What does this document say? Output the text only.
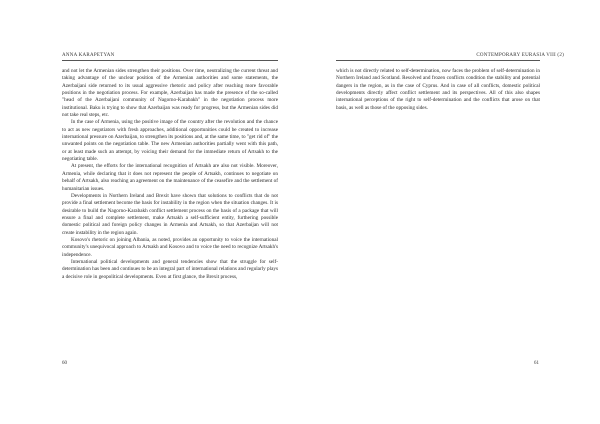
ANNA KARAPETYAN

and not let the Armenian sides strengthen their positions. Over time, neutralizing the current threat and taking advantage of the unclear position of the Armenian authorities and some statements, the Azerbaijani side returned to its usual aggressive rhetoric and policy after reaching more favorable positions in the negotiation process. For example, Azerbaijan has made the presence of the so-called "head of the Azerbaijani community of Nagorno-Karabakh" in the negotiation process more institutional. Baku is trying to show that Azerbaijan was ready for progress, but the Armenian sides did not take real steps, etc.

In the case of Armenia, using the positive image of the country after the revolution and the chance to act as new negotiators with fresh approaches, additional opportunities could be created to increase international pressure on Azerbaijan, to strengthen its positions and, at the same time, to "get rid of" the unwanted points on the negotiation table. The new Armenian authorities partially went with this path, or at least made such an attempt, by voicing their demand for the immediate return of Artsakh to the negotiating table.

At present, the efforts for the international recognition of Artsakh are also not visible. Moreover, Armenia, while declaring that it does not represent the people of Artsakh, continues to negotiate on behalf of Artsakh, also reaching an agreement on the maintenance of the ceasefire and the settlement of humanitarian issues.

Developments in Northern Ireland and Brexit have shown that solutions to conflicts that do not provide a final settlement become the basis for instability in the region when the situation changes. It is desirable to build the Nagorno-Karabakh conflict settlement process on the basis of a package that will ensure a final and complete settlement, make Artsakh a self-sufficient entity, furthering possible domestic political and foreign policy changes in Armenia and Artsakh, so that Azerbaijan will not create instability in the region again.

Kosovo's rhetoric on joining Albania, as noted, provides an opportunity to voice the international community's unequivocal approach to Artsakh and Kosovo and to voice the need to recognize Artsakh's independence.

International political developments and general tendencies show that the struggle for self-determination has been and continues to be an integral part of international relations and regularly plays a decisive role in geopolitical developments. Even at first glance, the Brexit process,

60
CONTEMPORARY EURASIA VIII (2)

which is not directly related to self-determination, now faces the problem of self-determination in Northern Ireland and Scotland. Resolved and frozen conflicts condition the stability and potential dangers in the region, as in the case of Cyprus. And in case of all conflicts, domestic political developments directly affect conflict settlement and its perspectives. All of this also shapes international perceptions of the right to self-determination and the conflicts that arose on that basis, as well as those of the opposing sides.

61
